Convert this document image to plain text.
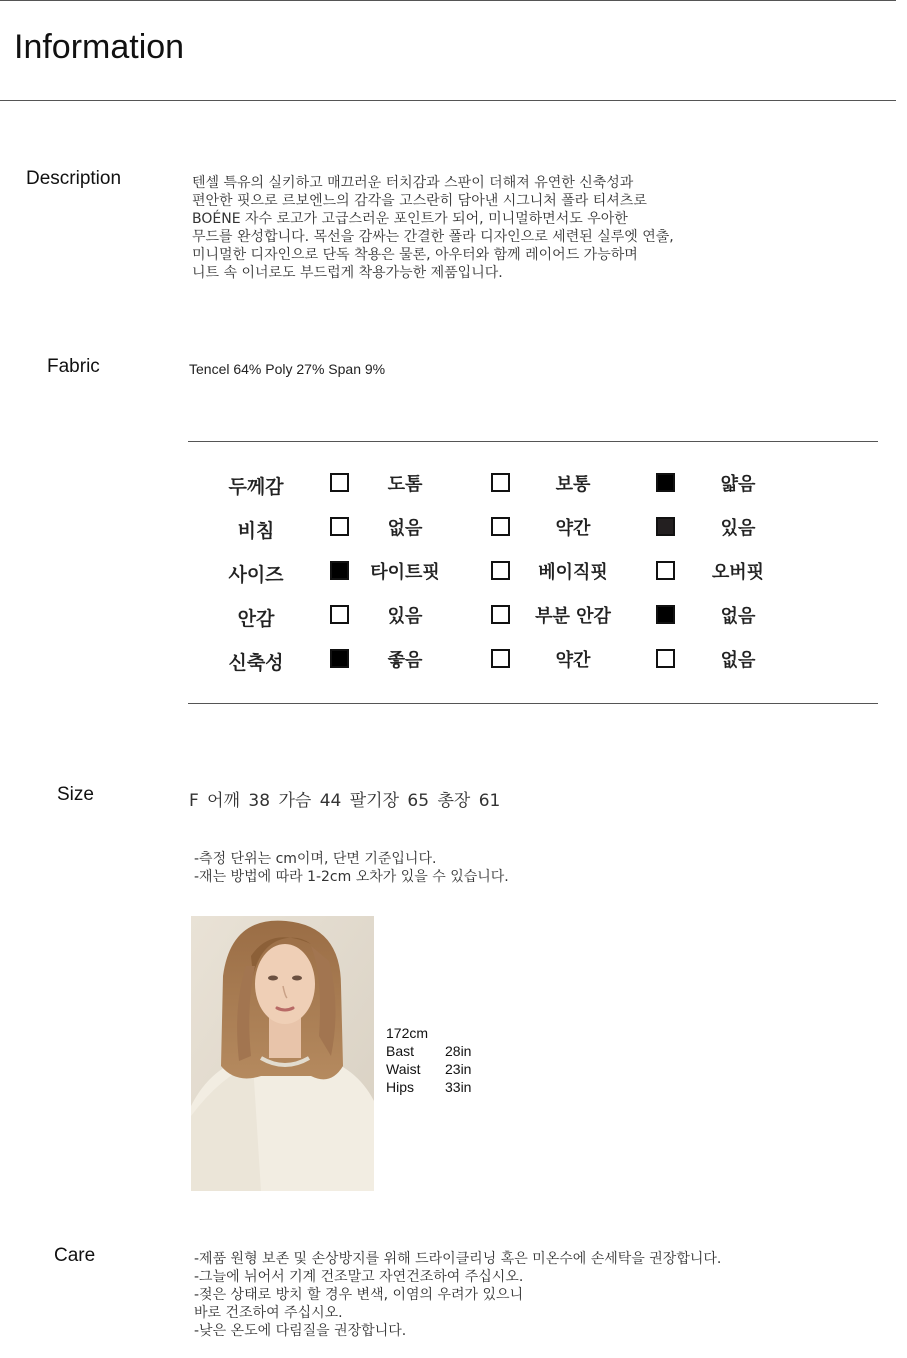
Information
Description	텐셀 특유의 실키하고 매끄러운 터치감과 스판이 더해져 유연한 신축성과
편안한 핏으로 르보엔느의 감각을 고스란히 담아낸 시그니처 폴라 티셔츠로
BOÉNE 자수 로고가 고급스러운 포인트가 되어, 미니멀하면서도 우아한
무드를 완성합니다. 목선을 감싸는 간결한 폴라 디자인으로 세련된 실루엣 연출,
미니멀한 디자인으로 단독 착용은 물론, 아우터와 함께 레이어드 가능하며
니트 속 이너로도 부드럽게 착용가능한 제품입니다.
Fabric	Tencel 64% Poly 27% Span 9%
두께감	도톰	보통	얇음
비침	없음	약간	있음
사이즈	타이트핏	베이직핏	오버핏
안감	있음	부분 안감	없음
신축성	좋음	약간	없음
Size	F 어깨 38 가슴 44 팔기장 65 총장 61
-측정 단위는 cm이며, 단면 기준입니다.
-재는 방법에 따라 1-2cm 오차가 있을 수 있습니다.
172cm
Bast 28in
Waist 23in
Hips 33in
Care	-제품 원형 보존 및 손상방지를 위해 드라이클리닝 혹은 미온수에 손세탁을 권장합니다.
-그늘에 뉘어서 기계 건조말고 자연건조하여 주십시오.
-젖은 상태로 방치 할 경우 변색, 이염의 우려가 있으니
바로 건조하여 주십시오.
-낮은 온도에 다림질을 권장합니다.
